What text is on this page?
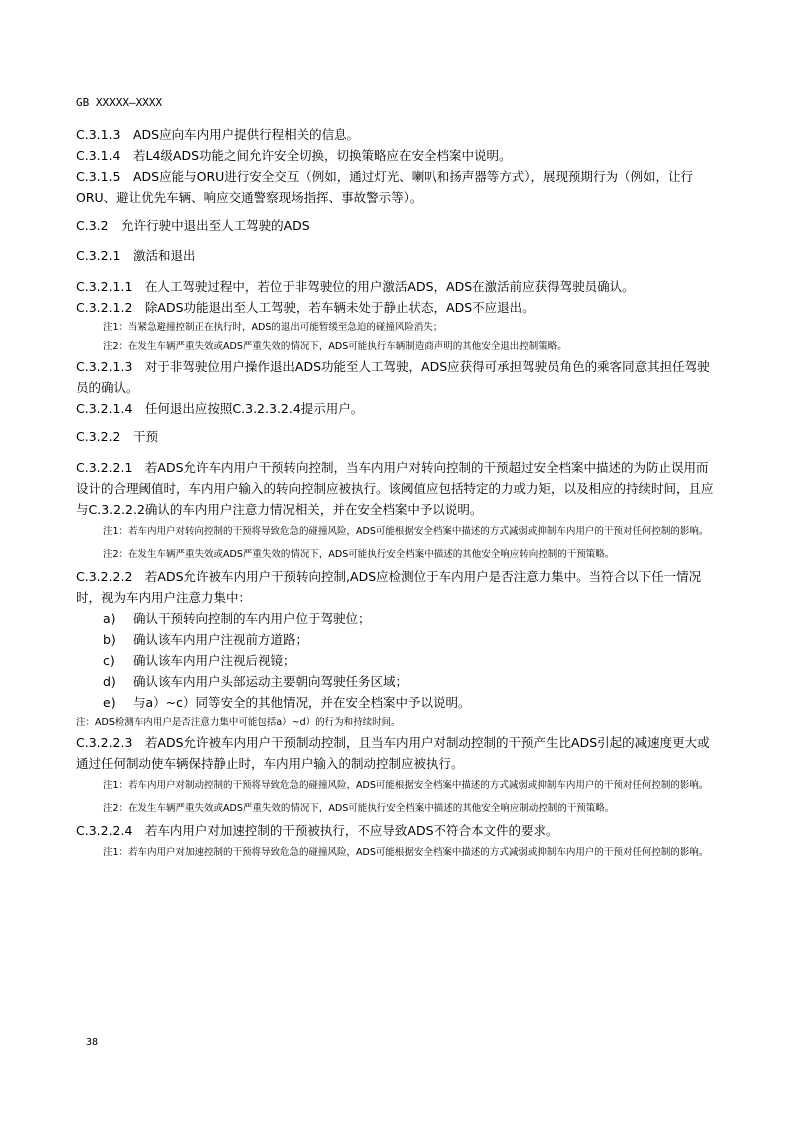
GB XXXXX—XXXX
C.3.1.3　ADS应向车内用户提供行程相关的信息。
C.3.1.4　若L4级ADS功能之间允许安全切换，切换策略应在安全档案中说明。
C.3.1.5　ADS应能与ORU进行安全交互（例如，通过灯光、喇叭和扬声器等方式），展现预期行为（例如，让行ORU、避让优先车辆、响应交通警察现场指挥、事故警示等）。
C.3.2　允许行驶中退出至人工驾驶的ADS
C.3.2.1　激活和退出
C.3.2.1.1　在人工驾驶过程中，若位于非驾驶位的用户激活ADS，ADS在激活前应获得驾驶员确认。
C.3.2.1.2　除ADS功能退出至人工驾驶，若车辆未处于静止状态，ADS不应退出。
注1：当紧急避撞控制正在执行时，ADS的退出可能暂缓至急迫的碰撞风险消失；
注2：在发生车辆严重失效或ADS严重失效的情况下，ADS可能执行车辆制造商声明的其他安全退出控制策略。
C.3.2.1.3　对于非驾驶位用户操作退出ADS功能至人工驾驶，ADS应获得可承担驾驶员角色的乘客同意其担任驾驶员的确认。
C.3.2.1.4　任何退出应按照C.3.2.3.2.4提示用户。
C.3.2.2　干预
C.3.2.2.1　若ADS允许车内用户干预转向控制，当车内用户对转向控制的干预超过安全档案中描述的为防止误用而设计的合理阈值时，车内用户输入的转向控制应被执行。该阈值应包括特定的力或力矩，以及相应的持续时间，且应与C.3.2.2.2确认的车内用户注意力情况相关，并在安全档案中予以说明。
注1： 若车内用户对转向控制的干预将导致危急的碰撞风险，ADS可能根据安全档案中描述的方式减弱或抑制车内用户的干预对任何控制的影响。
注2： 在发生车辆严重失效或ADS严重失效的情况下，ADS可能执行安全档案中描述的其他安全响应转向控制的干预策略。
C.3.2.2.2　若ADS允许被车内用户干预转向控制,ADS应检测位于车内用户是否注意力集中。当符合以下任一情况时，视为车内用户注意力集中：
a)	确认干预转向控制的车内用户位于驾驶位；
b)	确认该车内用户注视前方道路；
c)	确认该车内用户注视后视镜；
d)	确认该车内用户头部运动主要朝向驾驶任务区域；
e)	与a）~c）同等安全的其他情况，并在安全档案中予以说明。
注：ADS检测车内用户是否注意力集中可能包括a）~d）的行为和持续时间。
C.3.2.2.3　若ADS允许被车内用户干预制动控制，且当车内用户对制动控制的干预产生比ADS引起的减速度更大或通过任何制动使车辆保持静止时，车内用户输入的制动控制应被执行。
注1： 若车内用户对制动控制的干预将导致危急的碰撞风险，ADS可能根据安全档案中描述的方式减弱或抑制车内用户的干预对任何控制的影响。
注2： 在发生车辆严重失效或ADS严重失效的情况下，ADS可能执行安全档案中描述的其他安全响应制动控制的干预策略。
C.3.2.2.4　若车内用户对加速控制的干预被执行，不应导致ADS不符合本文件的要求。
注1： 若车内用户对加速控制的干预将导致危急的碰撞风险，ADS可能根据安全档案中描述的方式减弱或抑制车内用户的干预对任何控制的影响。
38
